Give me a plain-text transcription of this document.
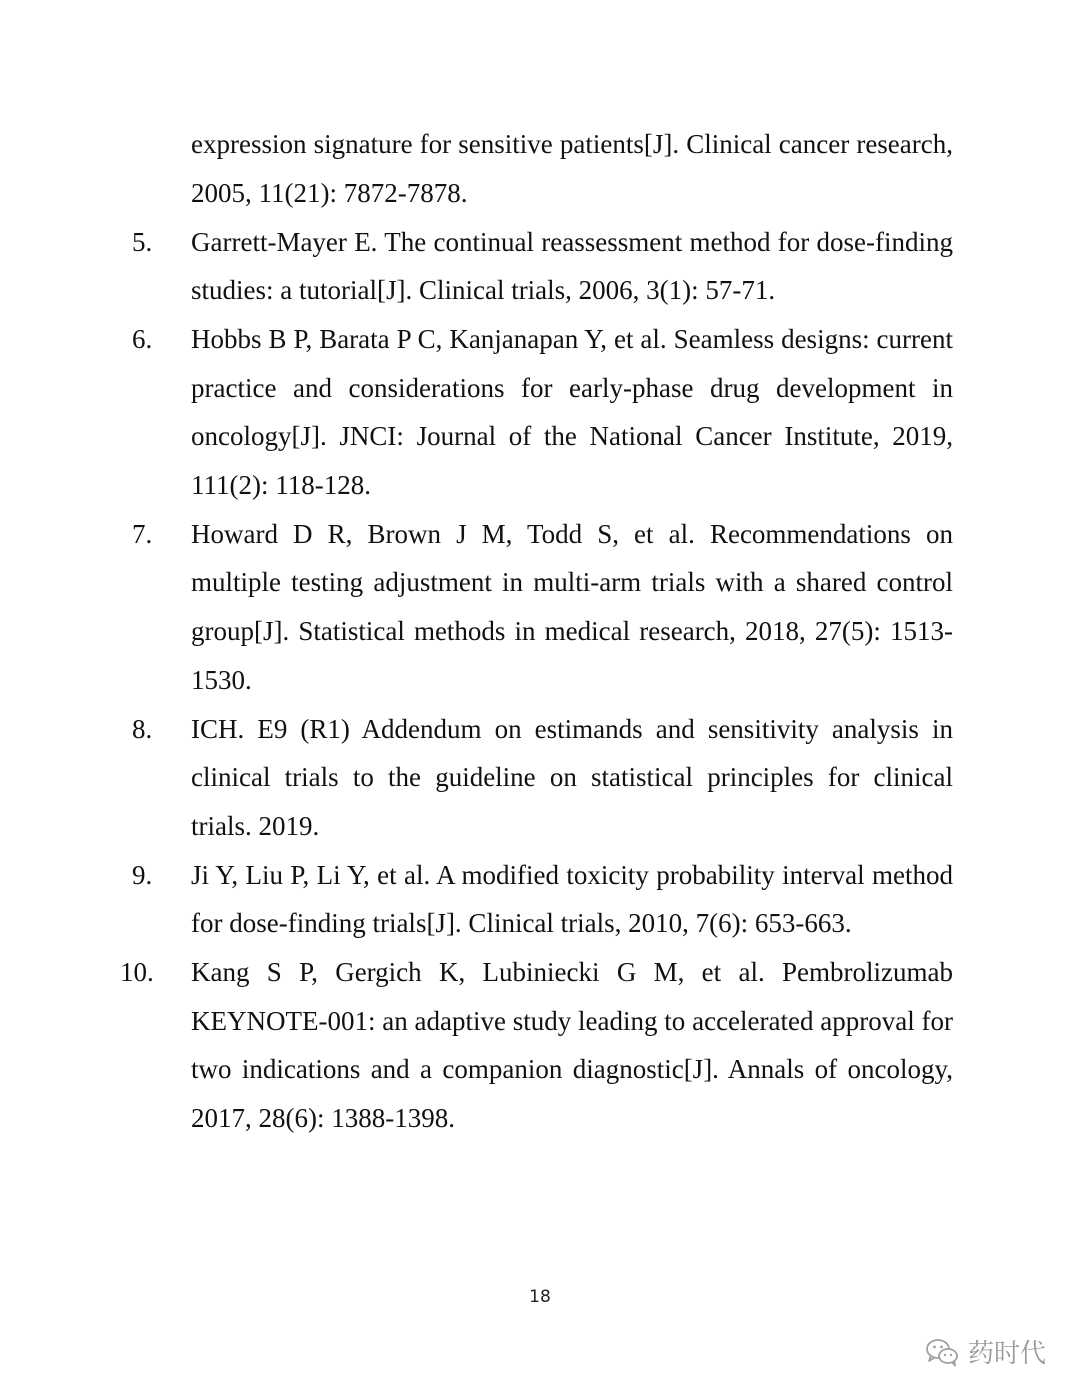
expression signature for sensitive patients[J]. Clinical cancer research, 2005, 11(21): 7872-7878.
5.	Garrett-Mayer E. The continual reassessment method for dose-finding studies: a tutorial[J]. Clinical trials, 2006, 3(1): 57-71.
6.	Hobbs B P, Barata P C, Kanjanapan Y, et al. Seamless designs: current practice and considerations for early-phase drug development in oncology[J]. JNCI: Journal of the National Cancer Institute, 2019, 111(2): 118-128.
7.	Howard D R, Brown J M, Todd S, et al. Recommendations on multiple testing adjustment in multi-arm trials with a shared control group[J]. Statistical methods in medical research, 2018, 27(5): 1513-1530.
8.	ICH. E9 (R1) Addendum on estimands and sensitivity analysis in clinical trials to the guideline on statistical principles for clinical trials. 2019.
9.	Ji Y, Liu P, Li Y, et al. A modified toxicity probability interval method for dose-finding trials[J]. Clinical trials, 2010, 7(6): 653-663.
10.	Kang S P, Gergich K, Lubiniecki G M, et al. Pembrolizumab KEYNOTE-001: an adaptive study leading to accelerated approval for two indications and a companion diagnostic[J]. Annals of oncology, 2017, 28(6): 1388-1398.
18
药时代
